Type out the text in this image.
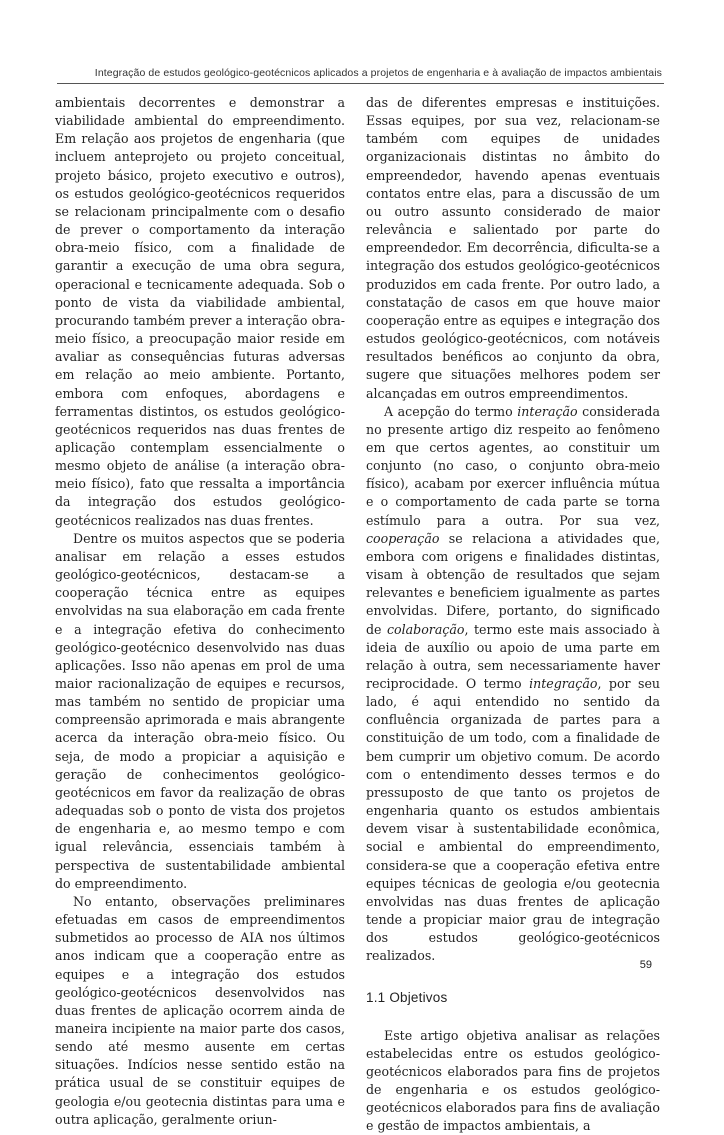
Integração de estudos geológico-geotécnicos aplicados a projetos de engenharia e à avaliação de impactos ambientais

ambientais decorrentes e demonstrar a viabilidade ambiental do empreendimento. Em relação aos projetos de engenharia (que incluem anteprojeto ou projeto conceitual, projeto básico, projeto executivo e outros), os estudos geológico-geotécnicos requeridos se relacionam principalmente com o desafio de prever o comportamento da interação obra-meio físico, com a finalidade de garantir a execução de uma obra segura, operacional e tecnicamente adequada. Sob o ponto de vista da viabilidade ambiental, procurando também prever a interação obra-meio físico, a preocupação maior reside em avaliar as consequências futuras adversas em relação ao meio ambiente. Portanto, embora com enfoques, abordagens e ferramentas distintos, os estudos geológico-geotécnicos requeridos nas duas frentes de aplicação contemplam essencialmente o mesmo objeto de análise (a interação obra-meio físico), fato que ressalta a importância da integração dos estudos geológico-geotécnicos realizados nas duas frentes.

Dentre os muitos aspectos que se poderia analisar em relação a esses estudos geológico-geotécnicos, destacam-se a cooperação técnica entre as equipes envolvidas na sua elaboração em cada frente e a integração efetiva do conhecimento geológico-geotécnico desenvolvido nas duas aplicações. Isso não apenas em prol de uma maior racionalização de equipes e recursos, mas também no sentido de propiciar uma compreensão aprimorada e mais abrangente acerca da interação obra-meio físico. Ou seja, de modo a propiciar a aquisição e geração de conhecimentos geológico-geotécnicos em favor da realização de obras adequadas sob o ponto de vista dos projetos de engenharia e, ao mesmo tempo e com igual relevância, essenciais também à perspectiva de sustentabilidade ambiental do empreendimento.

No entanto, observações preliminares efetuadas em casos de empreendimentos submetidos ao processo de AIA nos últimos anos indicam que a cooperação entre as equipes e a integração dos estudos geológico-geotécnicos desenvolvidos nas duas frentes de aplicação ocorrem ainda de maneira incipiente na maior parte dos casos, sendo até mesmo ausente em certas situações. Indícios nesse sentido estão na prática usual de se constituir equipes de geologia e/ou geotecnia distintas para uma e outra aplicação, geralmente oriun-

das de diferentes empresas e instituições. Essas equipes, por sua vez, relacionam-se também com equipes de unidades organizacionais distintas no âmbito do empreendedor, havendo apenas eventuais contatos entre elas, para a discussão de um ou outro assunto considerado de maior relevância e salientado por parte do empreendedor. Em decorrência, dificulta-se a integração dos estudos geológico-geotécnicos produzidos em cada frente. Por outro lado, a constatação de casos em que houve maior cooperação entre as equipes e integração dos estudos geológico-geotécnicos, com notáveis resultados benéficos ao conjunto da obra, sugere que situações melhores podem ser alcançadas em outros empreendimentos.

A acepção do termo interação considerada no presente artigo diz respeito ao fenômeno em que certos agentes, ao constituir um conjunto (no caso, o conjunto obra-meio físico), acabam por exercer influência mútua e o comportamento de cada parte se torna estímulo para a outra. Por sua vez, cooperação se relaciona a atividades que, embora com origens e finalidades distintas, visam à obtenção de resultados que sejam relevantes e beneficiem igualmente as partes envolvidas. Difere, portanto, do significado de colaboração, termo este mais associado à ideia de auxílio ou apoio de uma parte em relação à outra, sem necessariamente haver reciprocidade. O termo integração, por seu lado, é aqui entendido no sentido da confluência organizada de partes para a constituição de um todo, com a finalidade de bem cumprir um objetivo comum. De acordo com o entendimento desses termos e do pressuposto de que tanto os projetos de engenharia quanto os estudos ambientais devem visar à sustentabilidade econômica, social e ambiental do empreendimento, considera-se que a cooperação efetiva entre equipes técnicas de geologia e/ou geotecnia envolvidas nas duas frentes de aplicação tende a propiciar maior grau de integração dos estudos geológico-geotécnicos realizados.

1.1 Objetivos

Este artigo objetiva analisar as relações estabelecidas entre os estudos geológico-geotécnicos elaborados para fins de projetos de engenharia e os estudos geológico-geotécnicos elaborados para fins de avaliação e gestão de impactos ambientais, a

59
